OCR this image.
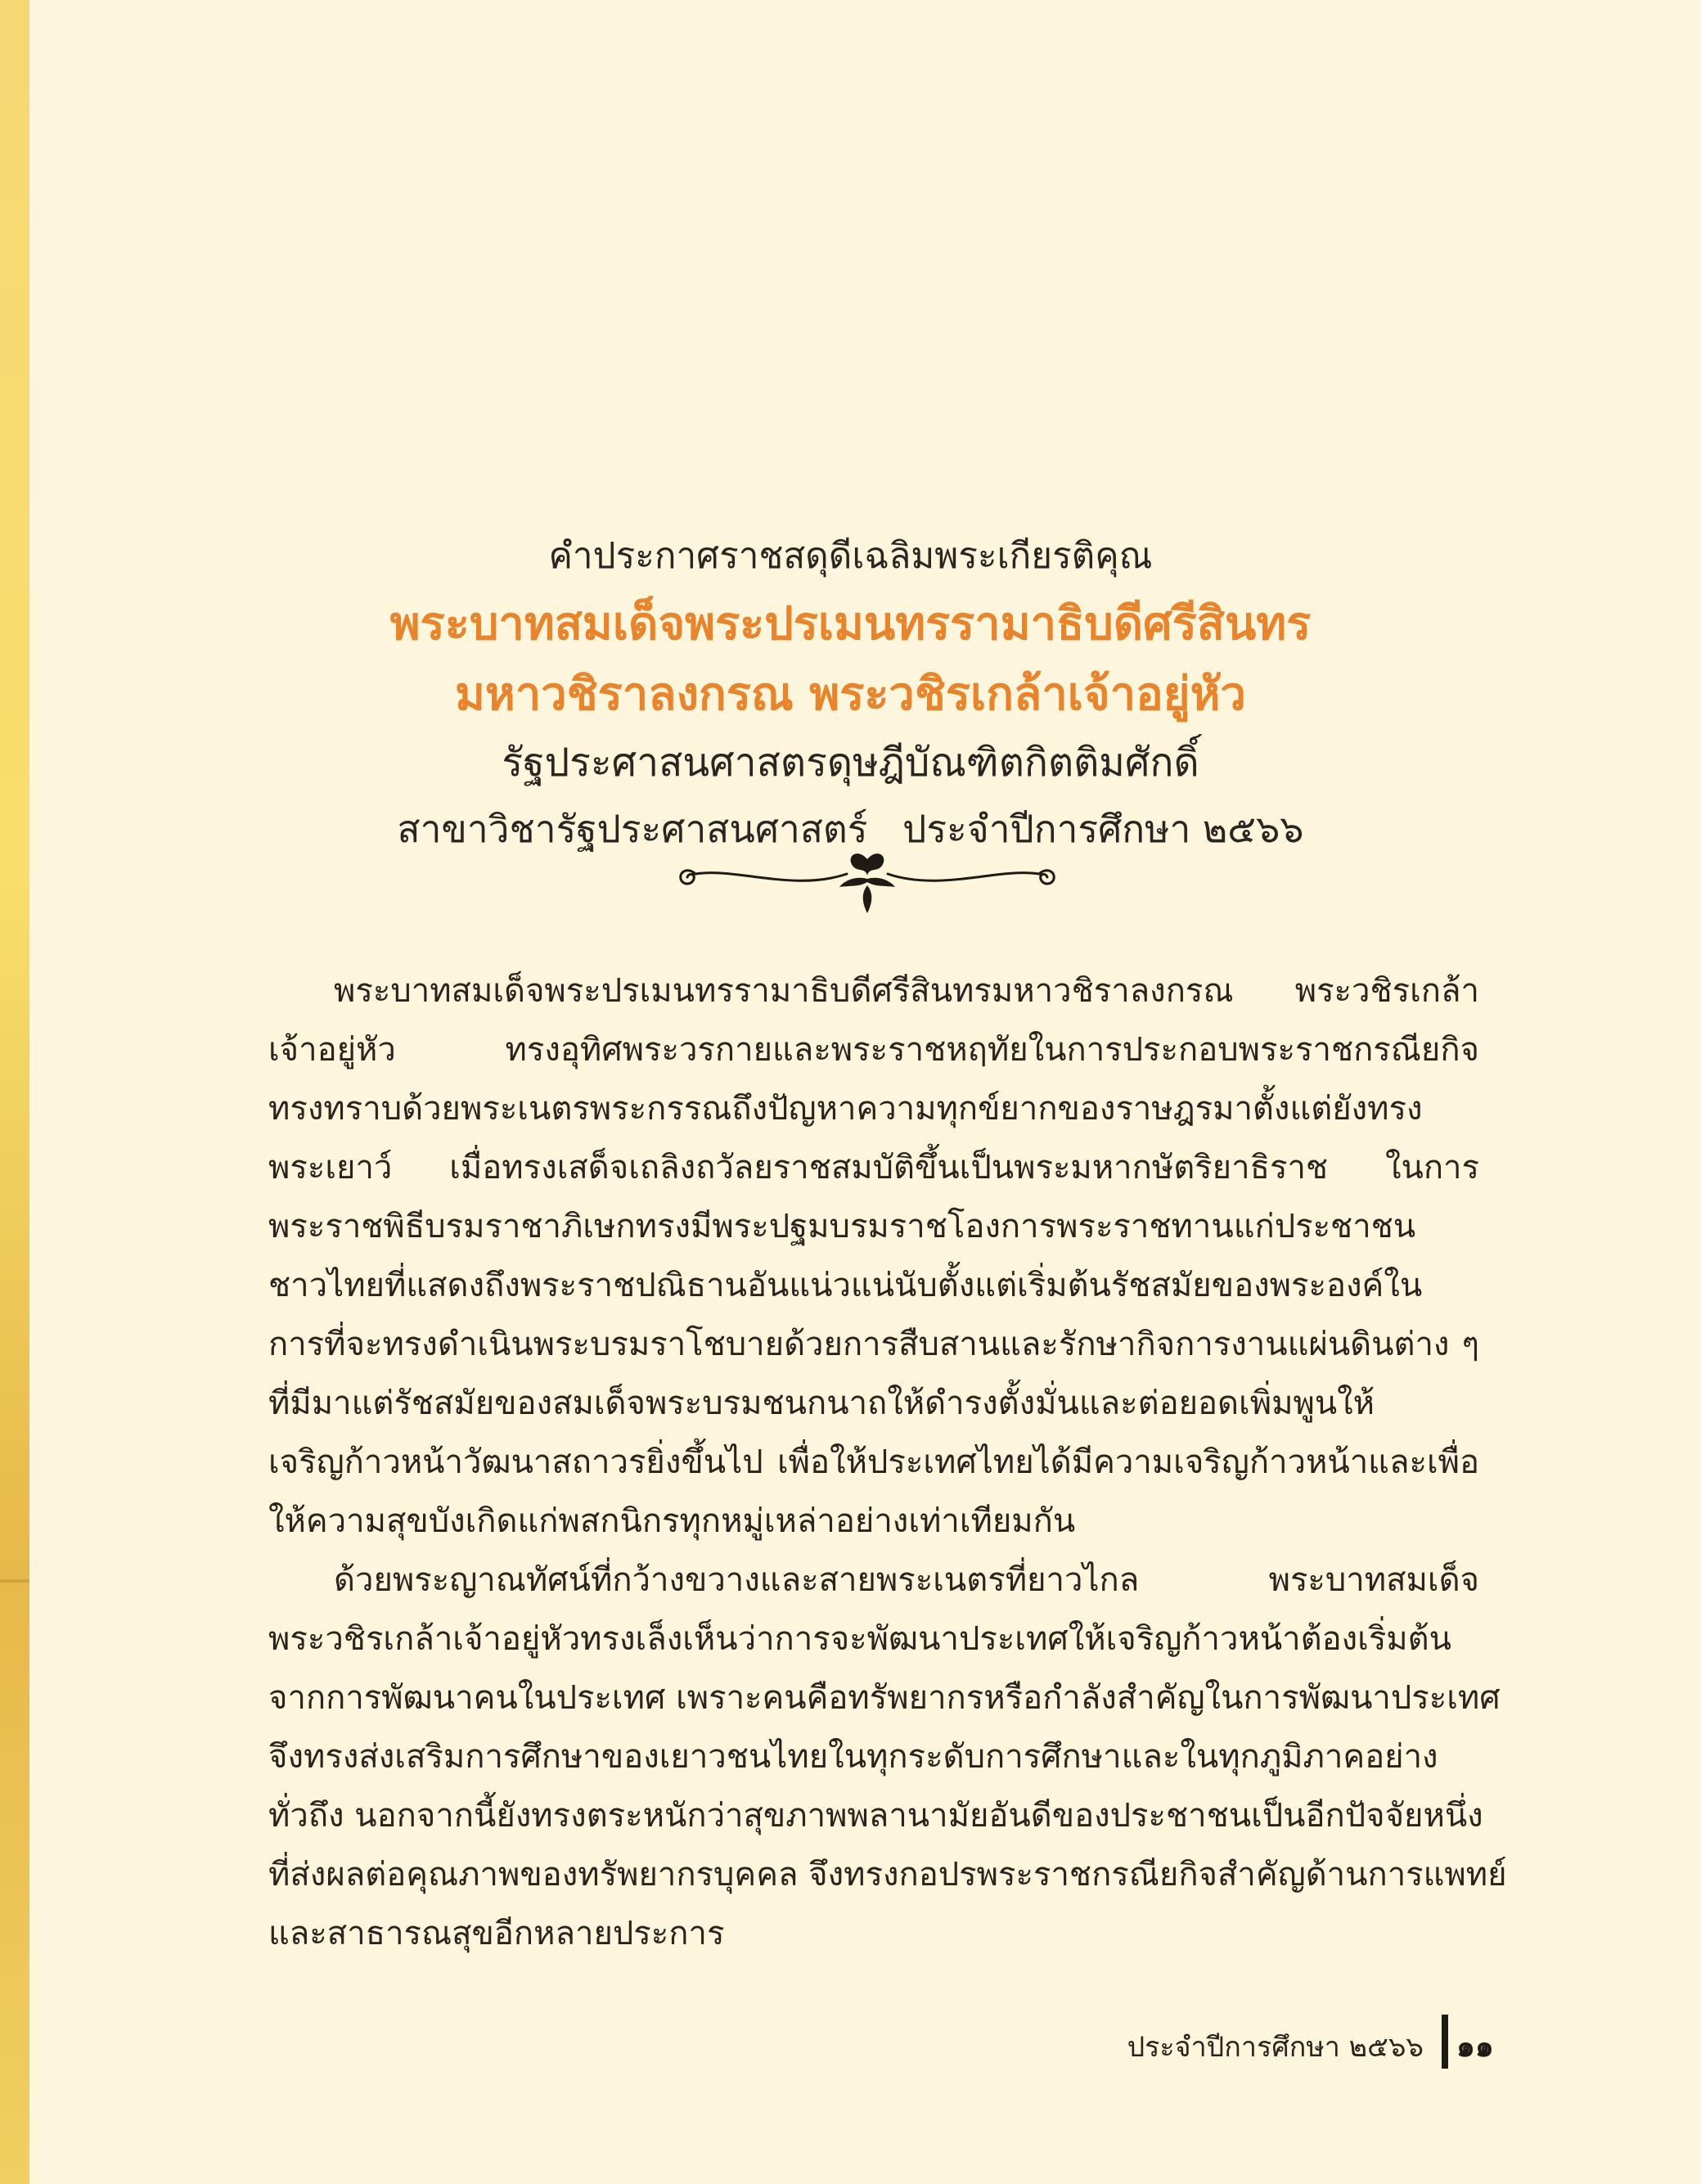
คำประกาศราชสดุดีเฉลิมพระเกียรติคุณ
พระบาทสมเด็จพระปรเมนทรรามาธิบดีศรีสินทร
มหาวชิราลงกรณ พระวชิรเกล้าเจ้าอยู่หัว
รัฐประศาสนศาสตรดุษฎีบัณฑิตกิตติมศักดิ์
สาขาวิชารัฐประศาสนศาสตร์ ประจำปีการศึกษา ๒๕๖๖
พระบาทสมเด็จพระปรเมนทรรามาธิบดีศรีสินทรมหาวชิราลงกรณ พระวชิรเกล้า
เจ้าอยู่หัว ทรงอุทิศพระวรกายและพระราชหฤทัยในการประกอบพระราชกรณียกิจ
ทรงทราบด้วยพระเนตรพระกรรณถึงปัญหาความทุกข์ยากของราษฎรมาตั้งแต่ยังทรง
พระเยาว์ เมื่อทรงเสด็จเถลิงถวัลยราชสมบัติขึ้นเป็นพระมหากษัตริยาธิราช ในการ
พระราชพิธีบรมราชาภิเษกทรงมีพระปฐมบรมราชโองการพระราชทานแก่ประชาชน
ชาวไทยที่แสดงถึงพระราชปณิธานอันแน่วแน่นับตั้งแต่เริ่มต้นรัชสมัยของพระองค์ใน
การที่จะทรงดำเนินพระบรมราโชบายด้วยการสืบสานและรักษากิจการงานแผ่นดินต่าง ๆ
ที่มีมาแต่รัชสมัยของสมเด็จพระบรมชนกนาถให้ดำรงตั้งมั่นและต่อยอดเพิ่มพูนให้
เจริญก้าวหน้าวัฒนาสถาวรยิ่งขึ้นไป เพื่อให้ประเทศไทยได้มีความเจริญก้าวหน้าและเพื่อ
ให้ความสุขบังเกิดแก่พสกนิกรทุกหมู่เหล่าอย่างเท่าเทียมกัน
ด้วยพระญาณทัศน์ที่กว้างขวางและสายพระเนตรที่ยาวไกล พระบาทสมเด็จ
พระวชิรเกล้าเจ้าอยู่หัวทรงเล็งเห็นว่าการจะพัฒนาประเทศให้เจริญก้าวหน้าต้องเริ่มต้น
จากการพัฒนาคนในประเทศ เพราะคนคือทรัพยากรหรือกำลังสำคัญในการพัฒนาประเทศ
จึงทรงส่งเสริมการศึกษาของเยาวชนไทยในทุกระดับการศึกษาและในทุกภูมิภาคอย่าง
ทั่วถึง นอกจากนี้ยังทรงตระหนักว่าสุขภาพพลานามัยอันดีของประชาชนเป็นอีกปัจจัยหนึ่ง
ที่ส่งผลต่อคุณภาพของทรัพยากรบุคคล จึงทรงกอปรพระราชกรณียกิจสำคัญด้านการแพทย์
และสาธารณสุขอีกหลายประการ
ประจำปีการศึกษา ๒๕๖๖ ๑๑
